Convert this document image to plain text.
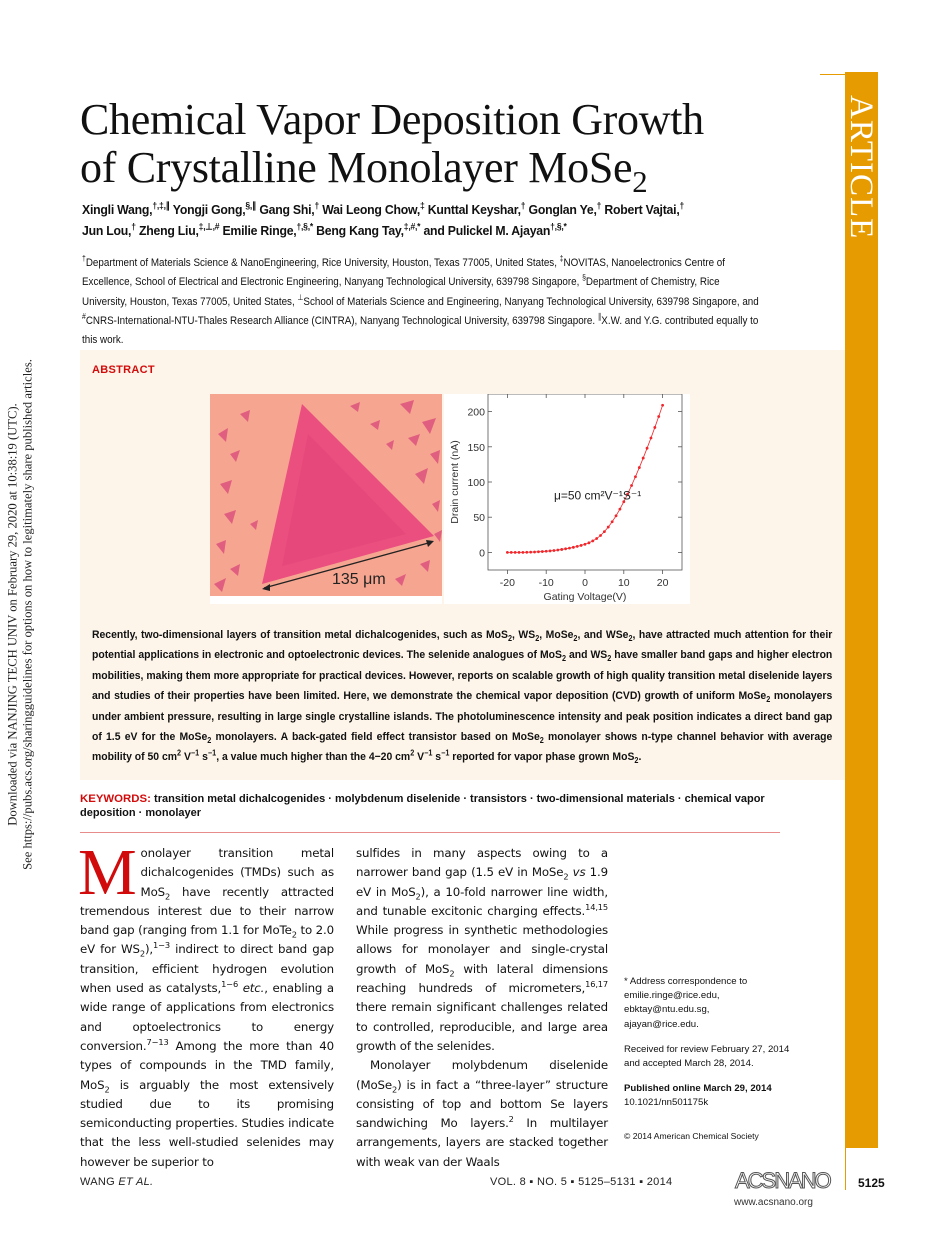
Downloaded via NANJING TECH UNIV on February 29, 2020 at 10:38:19 (UTC). See https://pubs.acs.org/sharingguidelines for options on how to legitimately share published articles.
ARTICLE
Chemical Vapor Deposition Growth
of Crystalline Monolayer MoSe$_2$
Xingli Wang,†,‡,∥ Yongji Gong,§,∥ Gang Shi,† Wai Leong Chow,‡ Kunttal Keyshar,† Gonglan Ye,† Robert Vajtai,†
Jun Lou,† Zheng Liu,‡,⊥,# Emilie Ringe,†,§,* Beng Kang Tay,‡,#,* and Pulickel M. Ajayan†,§,*
†Department of Materials Science & NanoEngineering, Rice University, Houston, Texas 77005, United States, ‡NOVITAS, Nanoelectronics Centre of Excellence, School of Electrical and Electronic Engineering, Nanyang Technological University, 639798 Singapore, §Department of Chemistry, Rice University, Houston, Texas 77005, United States, ⊥School of Materials Science and Engineering, Nanyang Technological University, 639798 Singapore, and #CNRS-International-NTU-Thales Research Alliance (CINTRA), Nanyang Technological University, 639798 Singapore. ∥X.W. and Y.G. contributed equally to this work.
ABSTRACT
135 μm	-20 -10	0	10	20
0
50
100
150
200
Drain current (nA)
Gating Voltage(V)
μ=50 cm²V⁻¹S⁻¹
Recently, two-dimensional layers of transition metal dichalcogenides, such as MoS$_2$, $WS_2$, MoSe$_2$, and WSe$_2$, have attracted much attention for their potential applications in electronic and optoelectronic devices. The selenide analogues of MoS$_2$ and $WS_2$ have smaller band gaps and higher electron mobilities, making them more appropriate for practical devices. However, reports on scalable growth of high quality transition metal diselenide layers and studies of their properties have been limited. Here, we demonstrate the chemical vapor deposition (CVD) growth of uniform MoSe$_2$ monolayers under ambient pressure, resulting in large single crystalline islands. The photoluminescence intensity and peak position indicates a direct band gap of 1.5 eV for the MoSe$_2$ monolayers. A back-gated field effect transistor based on MoSe$_2$ monolayer shows n-type channel behavior with average mobility of 50 $cm^2$ $V^{-1}$ $s^{-1}$, a value much higher than the 4−20 $cm^2$ $V^{-1}$ $s^{-1}$ reported for vapor phase grown MoS$_2$.
KEYWORDS: transition metal dichalcogenides · molybdenum diselenide · transistors · two-dimensional materials · chemical vapor deposition · monolayer
Monolayer transition metal dichalcogenides (TMDs) such as MoS$_2$ have recently attracted tremendous interest due to their narrow band gap (ranging from 1.1 for MoTe$_2$ to 2.0 eV for $WS_2),^{1-3}$ indirect to direct band gap transition, efficient hydrogen evolution when used as catalysts,$^{1-6}$ etc., enabling a wide range of applications from electronics and optoelectronics to energy conversion.$^{7-13}$ Among the more than 40 types of compounds in the TMD family, MoS$_2$ is arguably the most extensively studied due to its promising semiconducting properties. Studies indicate that the less well-studied selenides may however be superior to
sulfides in many aspects owing to a narrower band gap (1.5 eV in MoSe$_2$ vs 1.9 eV in MoS$_2$), a 10-fold narrower line width, and tunable excitonic charging effects.$^{14,15}$ While progress in synthetic methodologies allows for monolayer and single-crystal growth of MoS$_2$ with lateral dimensions reaching hundreds of micrometers,$^{16,17}$ there remain significant challenges related to controlled, reproducible, and large area growth of the selenides.
Monolayer molybdenum diselenide (MoSe$_2$) is in fact a “three-layer” structure consisting of top and bottom Se layers sandwiching Mo layers.$^2$ In multilayer arrangements, layers are stacked together with weak van der Waals

* Address correspondence to
emilie.ringe@rice.edu,
ebktay@ntu.edu.sg,
ajayan@rice.edu.

Received for review February 27, 2014
and accepted March 28, 2014.

Published online March 29, 2014
10.1021/nn501175k

© 2014 American Chemical Society

WANG ET AL.	VOL. 8 ▪ NO. 5 ▪ 5125–5131 ▪ 2014	ACSNANO
www.acsnano.org
5125
